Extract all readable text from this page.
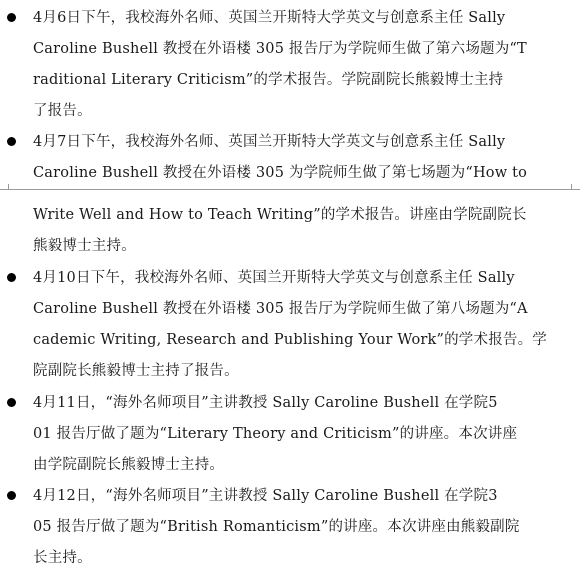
4月6日下午，我校海外名师、英国兰开斯特大学英文与创意系主任 Sally
Caroline Bushell 教授在外语楼 305 报告厅为学院师生做了第六场题为“T
raditional Literary Criticism”的学术报告。学院副院长熊毅博士主持
了报告。
4月7日下午，我校海外名师、英国兰开斯特大学英文与创意系主任 Sally
Caroline Bushell 教授在外语楼 305 为学院师生做了第七场题为“How to
Write Well and How to Teach Writing”的学术报告。讲座由学院副院长
熊毅博士主持。
4月10日下午，我校海外名师、英国兰开斯特大学英文与创意系主任 Sally
Caroline Bushell 教授在外语楼 305 报告厅为学院师生做了第八场题为“A
cademic Writing, Research and Publishing Your Work”的学术报告。学
院副院长熊毅博士主持了报告。
4月11日，“海外名师项目”主讲教授 Sally Caroline Bushell 在学院5
01 报告厅做了题为“Literary Theory and Criticism”的讲座。本次讲座
由学院副院长熊毅博士主持。
4月12日，“海外名师项目”主讲教授 Sally Caroline Bushell 在学院3
05 报告厅做了题为“British Romanticism”的讲座。本次讲座由熊毅副院
长主持。
